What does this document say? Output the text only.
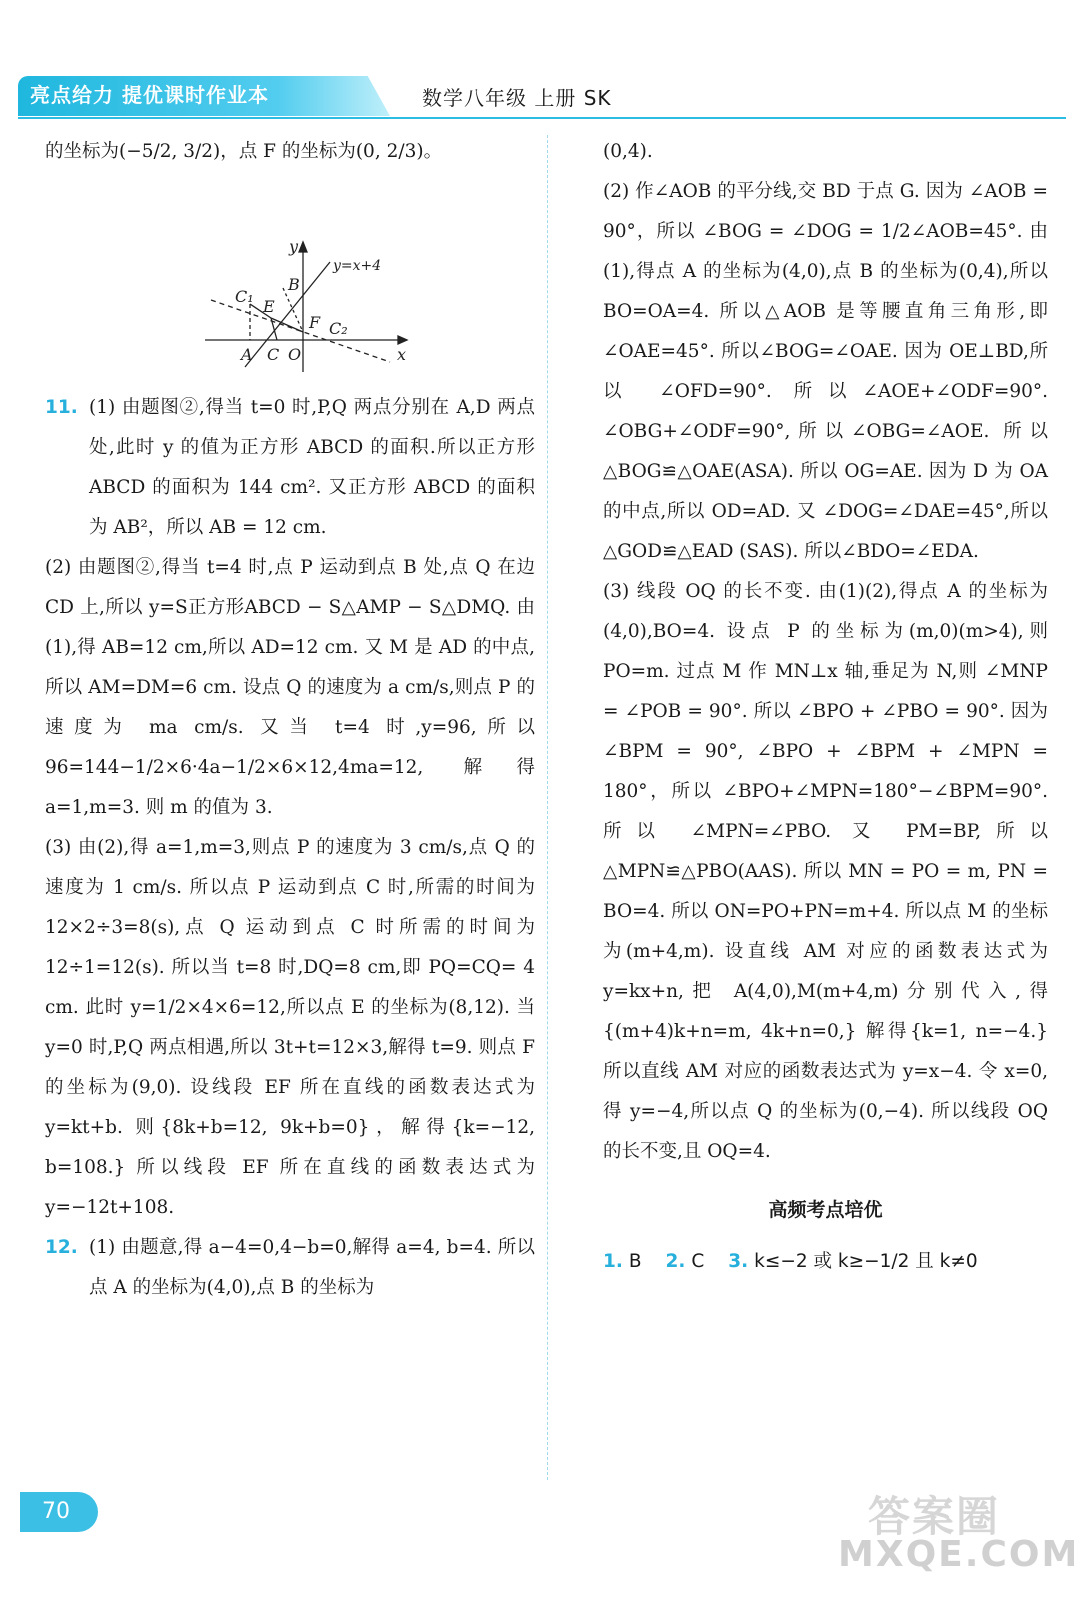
亮点给力 提优课时作业本	数学八年级 上册 SK

的坐标为(−5/2, 3/2)，点 F 的坐标为(0, 2/3)。

y
y=x+4
B
C₁
E
F C₂
A C O	x

11. (1) 由题图②,得当 t=0 时,P,Q 两点分别在 A,D 两点处,此时 y 的值为正方形 ABCD 的面积.所以正方形 ABCD 的面积为 144 cm². 又正方形 ABCD 的面积为 AB²，所以 AB = 12 cm.

(2) 由题图②,得当 t=4 时,点 P 运动到点 B 处,点 Q 在边 CD 上,所以 y=S正方形ABCD − S△AMP − S△DMQ. 由(1),得 AB=12 cm,所以 AD=12 cm. 又 M 是 AD 的中点,所以 AM=DM=6 cm. 设点 Q 的速度为 a cm/s,则点 P 的速度为 ma cm/s. 又当 t=4 时,y=96,所以 96=144−1/2×6·4a−1/2×6×12,4ma=12, 解得 a=1,m=3. 则 m 的值为 3.

(3) 由(2),得 a=1,m=3,则点 P 的速度为 3 cm/s,点 Q 的速度为 1 cm/s. 所以点 P 运动到点 C 时,所需的时间为 12×2÷3=8(s),点 Q 运动到点 C 时所需的时间为 12÷1=12(s). 所以当 t=8 时,DQ=8 cm,即 PQ=CQ= 4 cm. 此时 y=1/2×4×6=12,所以点 E 的坐标为(8,12). 当 y=0 时,P,Q 两点相遇,所以 3t+t=12×3,解得 t=9. 则点 F 的坐标为(9,0). 设线段 EF 所在直线的函数表达式为 y=kt+b. 则{8k+b=12, 9k+b=0}，解得{k=−12, b=108.} 所以线段 EF 所在直线的函数表达式为 y=−12t+108.

12. (1) 由题意,得 a−4=0,4−b=0,解得 a=4, b=4. 所以点 A 的坐标为(4,0),点 B 的坐标为

(0,4).

(2) 作∠AOB 的平分线,交 BD 于点 G. 因为 ∠AOB = 90°，所以 ∠BOG = ∠DOG = 1/2∠AOB=45°. 由(1),得点 A 的坐标为(4,0),点 B 的坐标为(0,4),所以 BO=OA=4. 所以△AOB 是等腰直角三角形,即∠OAE=45°. 所以∠BOG=∠OAE. 因为 OE⊥BD,所以 ∠OFD=90°. 所以∠AOE+∠ODF=90°. ∠OBG+∠ODF=90°,所以∠OBG=∠AOE. 所以△BOG≌△OAE(ASA). 所以 OG=AE. 因为 D 为 OA 的中点,所以 OD=AD. 又 ∠DOG=∠DAE=45°,所以△GOD≌△EAD (SAS). 所以∠BDO=∠EDA.

(3) 线段 OQ 的长不变. 由(1)(2),得点 A 的坐标为(4,0),BO=4. 设点 P 的坐标为(m,0)(m>4),则 PO=m. 过点 M 作 MN⊥x 轴,垂足为 N,则 ∠MNP = ∠POB = 90°. 所以 ∠BPO + ∠PBO = 90°. 因为 ∠BPM = 90°, ∠BPO + ∠BPM + ∠MPN = 180°，所以 ∠BPO+∠MPN=180°−∠BPM=90°. 所以 ∠MPN=∠PBO. 又 PM=BP,所以△MPN≌△PBO(AAS). 所以 MN = PO = m, PN = BO=4. 所以 ON=PO+PN=m+4. 所以点 M 的坐标为(m+4,m). 设直线 AM 对应的函数表达式为 y=kx+n,把 A(4,0),M(m+4,m)分别代入,得{(m+4)k+n=m, 4k+n=0,} 解得{k=1, n=−4.} 所以直线 AM 对应的函数表达式为 y=x−4. 令 x=0,得 y=−4,所以点 Q 的坐标为(0,−4). 所以线段 OQ 的长不变,且 OQ=4.

高频考点培优
1. B 2. C 3. k≤−2 或 k≥−1/2 且 k≠0
70	答案圈
MXQE.COM
